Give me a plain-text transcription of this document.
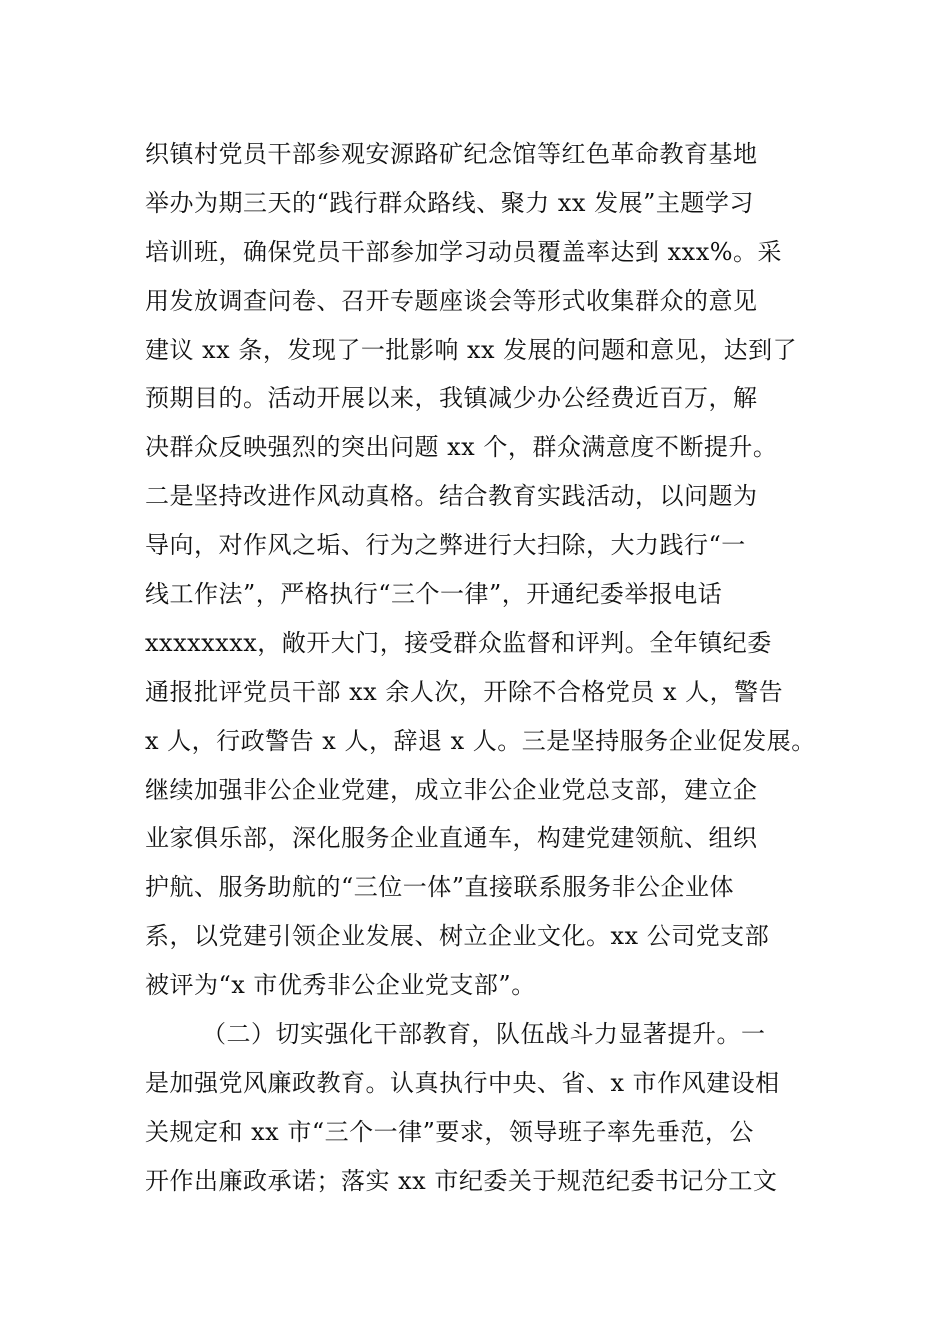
织镇村党员干部参观安源路矿纪念馆等红色革命教育基地
举办为期三天的“践行群众路线、聚力 xx 发展”主题学习
培训班，确保党员干部参加学习动员覆盖率达到 xxx%。采
用发放调查问卷、召开专题座谈会等形式收集群众的意见
建议 xx 条，发现了一批影响 xx 发展的问题和意见，达到了
预期目的。活动开展以来，我镇减少办公经费近百万，解
决群众反映强烈的突出问题 xx 个，群众满意度不断提升。
二是坚持改进作风动真格。结合教育实践活动，以问题为
导向，对作风之垢、行为之弊进行大扫除，大力践行“一
线工作法”，严格执行“三个一律”，开通纪委举报电话
xxxxxxxx，敞开大门，接受群众监督和评判。全年镇纪委
通报批评党员干部 xx 余人次，开除不合格党员 x 人，警告
x 人，行政警告 x 人，辞退 x 人。三是坚持服务企业促发展。
继续加强非公企业党建，成立非公企业党总支部，建立企
业家俱乐部，深化服务企业直通车，构建党建领航、组织
护航、服务助航的“三位一体”直接联系服务非公企业体
系，以党建引领企业发展、树立企业文化。xx 公司党支部
被评为“x 市优秀非公企业党支部”。
（二）切实强化干部教育，队伍战斗力显著提升。一
是加强党风廉政教育。认真执行中央、省、x 市作风建设相
关规定和 xx 市“三个一律”要求，领导班子率先垂范，公
开作出廉政承诺；落实 xx 市纪委关于规范纪委书记分工文
